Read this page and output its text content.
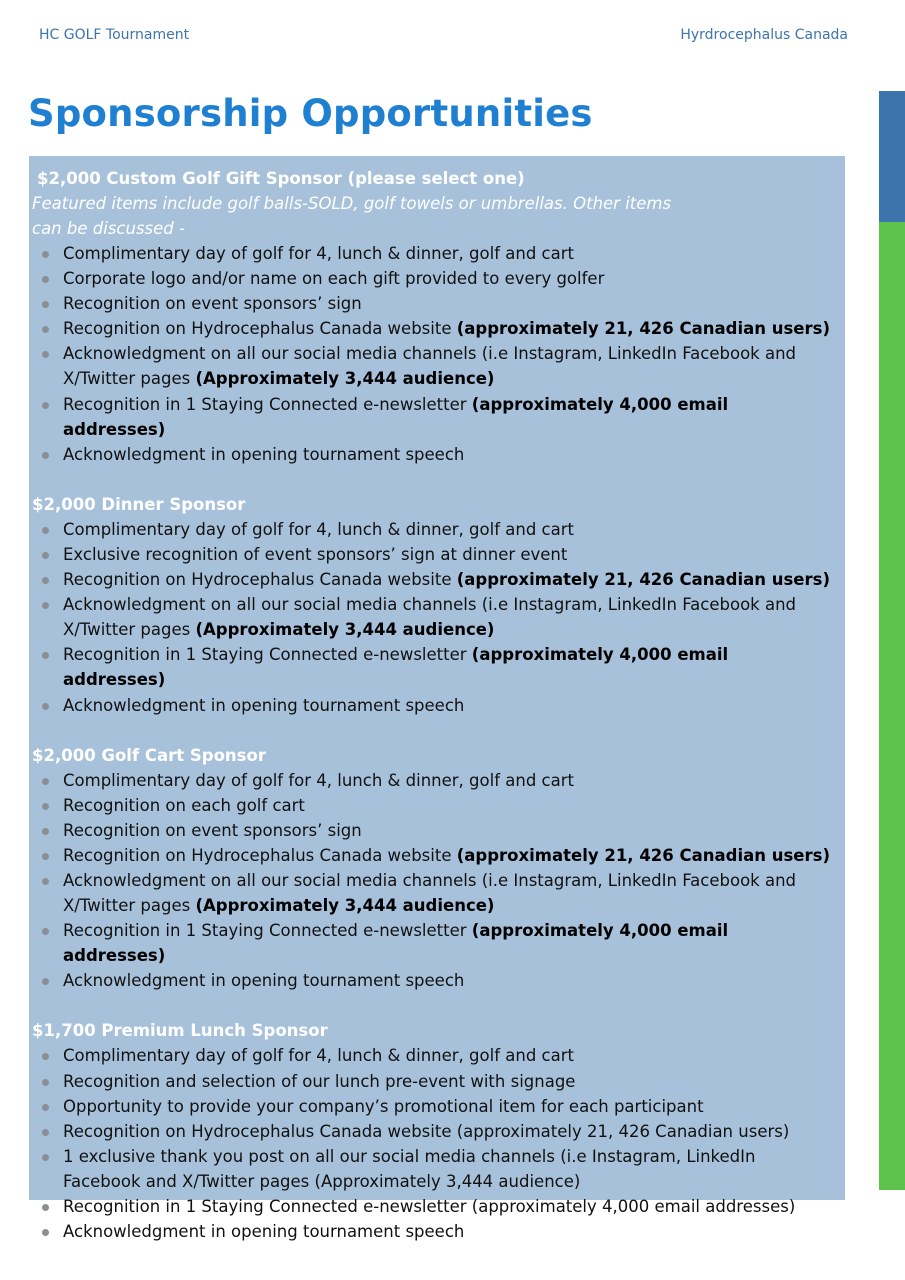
HC GOLF Tournament	Hyrdrocephalus Canada
Sponsorship Opportunities
$2,000 Custom Golf Gift Sponsor (please select one)
Featured items include golf balls-SOLD, golf towels or umbrellas. Other items can be discussed -
Complimentary day of golf for 4, lunch & dinner, golf and cart
Corporate logo and/or name on each gift provided to every golfer
Recognition on event sponsors’ sign
Recognition on Hydrocephalus Canada website (approximately 21, 426 Canadian users)
Acknowledgment on all our social media channels (i.e Instagram, LinkedIn Facebook and X/Twitter pages (Approximately 3,444 audience)
Recognition in 1 Staying Connected e-newsletter (approximately 4,000 email addresses)
Acknowledgment in opening tournament speech
$2,000 Dinner Sponsor
Complimentary day of golf for 4, lunch & dinner, golf and cart
Exclusive recognition of event sponsors’ sign at dinner event
Recognition on Hydrocephalus Canada website (approximately 21, 426 Canadian users)
Acknowledgment on all our social media channels (i.e Instagram, LinkedIn Facebook and X/Twitter pages (Approximately 3,444 audience)
Recognition in 1 Staying Connected e-newsletter (approximately 4,000 email addresses)
Acknowledgment in opening tournament speech
$2,000 Golf Cart Sponsor
Complimentary day of golf for 4, lunch & dinner, golf and cart
Recognition on each golf cart
Recognition on event sponsors’ sign
Recognition on Hydrocephalus Canada website (approximately 21, 426 Canadian users)
Acknowledgment on all our social media channels (i.e Instagram, LinkedIn Facebook and X/Twitter pages (Approximately 3,444 audience)
Recognition in 1 Staying Connected e-newsletter (approximately 4,000 email addresses)
Acknowledgment in opening tournament speech
$1,700 Premium Lunch Sponsor
Complimentary day of golf for 4, lunch & dinner, golf and cart
Recognition and selection of our lunch pre-event with signage
Opportunity to provide your company’s promotional item for each participant
Recognition on Hydrocephalus Canada website (approximately 21, 426 Canadian users)
1 exclusive thank you post on all our social media channels (i.e Instagram, LinkedIn Facebook and X/Twitter pages (Approximately 3,444 audience)
Recognition in 1 Staying Connected e-newsletter (approximately 4,000 email addresses)
Acknowledgment in opening tournament speech
